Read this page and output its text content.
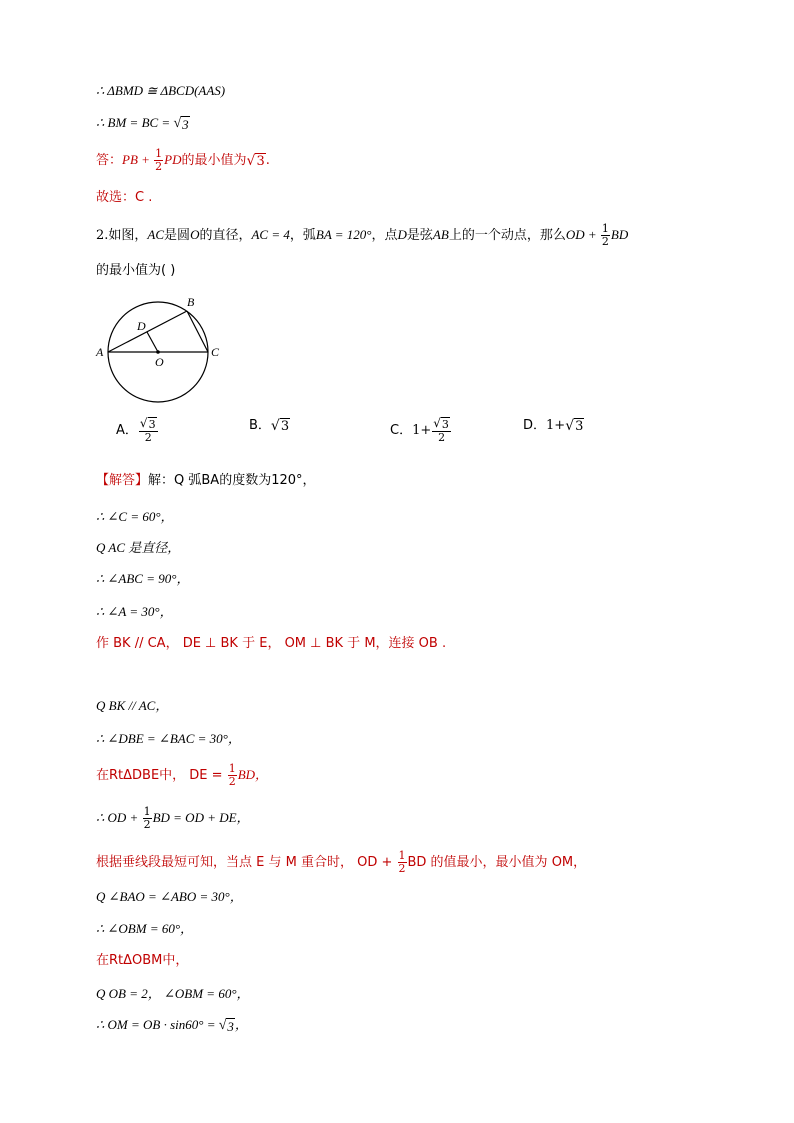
∴ ΔBMD ≅ ΔBCD(AAS)
∴ BM = BC = √ 3
答：PB + $\frac{1}{2}$ PD的最小值为 √ 3 .
故选：C .
2.如图，AC是圆O的直径，AC = 4，弧BA = 120°，点D是弦AB上的一个动点，那么OD + $\frac{1}{2}$ BD
的最小值为( )
A
B
C
D
O
A． $\frac{√ 3}{2}$	B． √ 3	C．$1+ \frac{√ 3}{2}$	D．1+ √ 3
【解答】解：Q 弧BA的度数为120°，
∴ ∠C = 60°，
Q AC 是直径，
∴ ∠ABC = 90°，
∴ ∠A = 30°，
作 BK // CA， DE ⊥ BK 于 E， OM ⊥ BK 于 M，连接 OB .
Q BK // AC，
∴ ∠DBE = ∠BAC = 30°，
在RtΔDBE中， DE = $\frac{1}{2}$ BD，
∴ OD + $\frac{1}{2}$ BD = OD + DE，
根据垂线段最短可知，当点 E 与 M 重合时， OD + $\frac{1}{2}$ BD 的值最小，最小值为 OM，
Q ∠BAO = ∠ABO = 30°，
∴ ∠OBM = 60°，
在RtΔOBM中，
Q OB = 2， ∠OBM = 60°，
∴ OM = OB · sin60° = √ 3 ，
